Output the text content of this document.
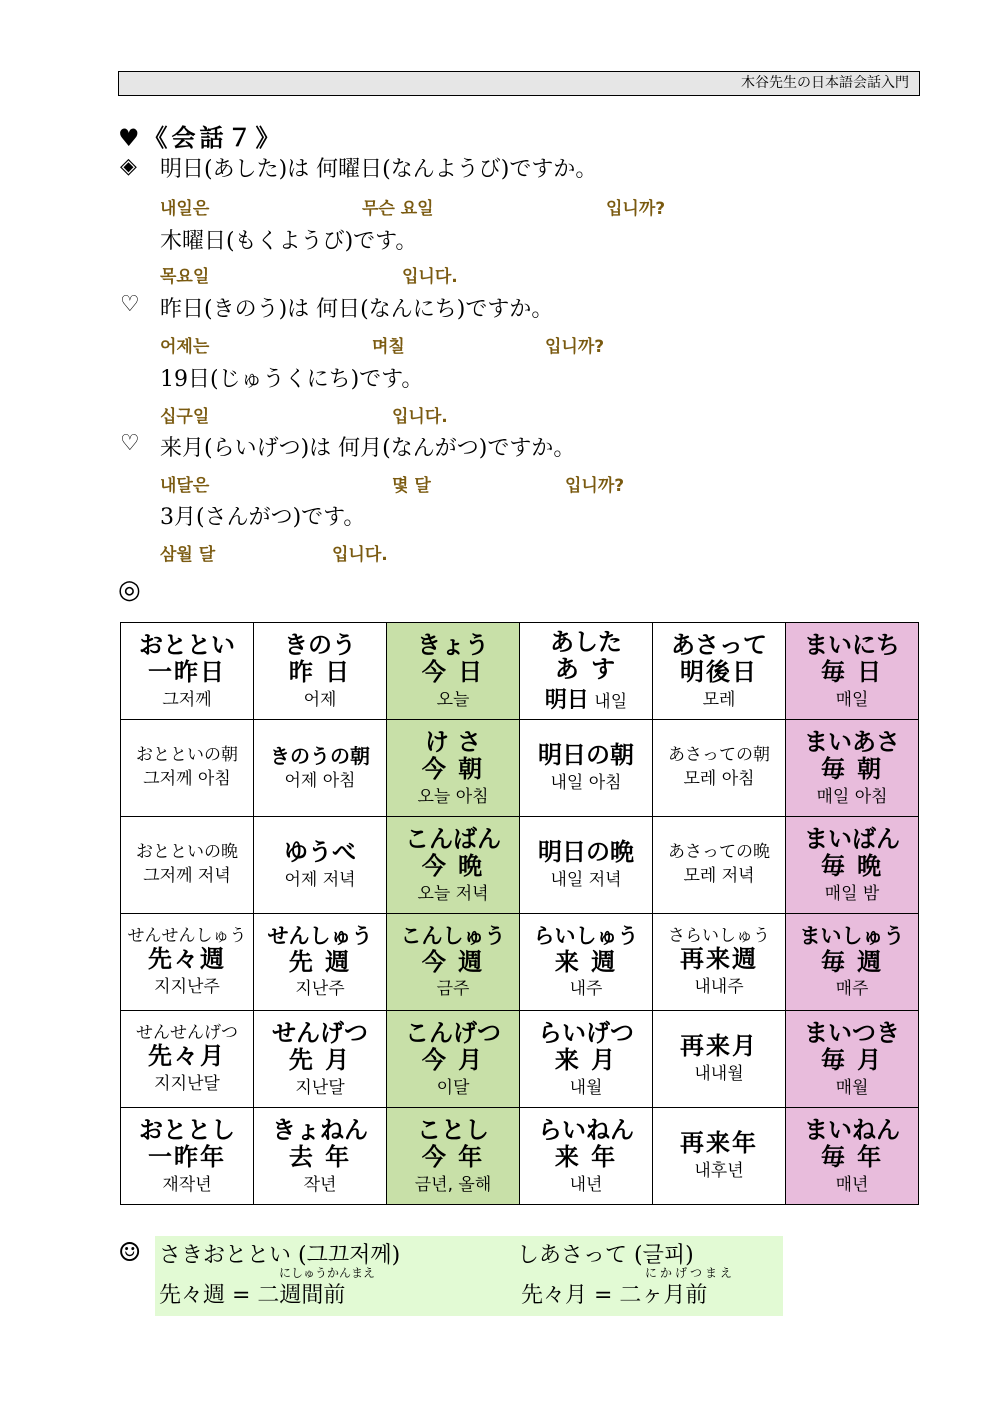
木谷先生の日本語会話入門
♥《会話７》
◈ 明日(あした)は 何曜日(なんようび)ですか。
내일은	무슨 요일	입니까?
木曜日(もくようび)です。
목요일	입니다.
♡ 昨日(きのう)は 何日(なんにち)ですか。
어제는	며칠	입니까?
19日(じゅうくにち)です。
십구일	입니다.
♡ 来月(らいげつ)は 何月(なんがつ)ですか。
내달은	몇 달	입니까?
3月(さんがつ)です。
삼월 달	입니다.
◎
おととい
一昨日
그저께	きのう
昨 日
어제	きょう
今 日
오늘	あした
あ す
明日 내일	あさって
明後日
모레	まいにち
毎 日
매일

おとといの朝
그저께 아침	きのうの朝
어제 아침	け さ
今 朝
오늘 아침	明日の朝
내일 아침	あさっての朝
모레 아침	まいあさ
毎 朝
매일 아침

おとといの晩
그저께 저녁	ゆうべ
어제 저녁	こんばん
今 晩
오늘 저녁	明日の晩
내일 저녁	あさっての晩
모레 저녁	まいばん
毎 晩
매일 밤

せんせんしゅう
先々週
지지난주	せんしゅう
先 週
지난주	こんしゅう
今 週
금주	らいしゅう
来 週
내주	さらいしゅう
再来週
내내주	まいしゅう
毎 週
매주

せんせんげつ
先々月
지지난달	せんげつ
先 月
지난달	こんげつ
今 月
이달	らいげつ
来 月
내월	再来月
내내월	まいつき
毎 月
매월

おととし
一昨年
재작년	きょねん
去 年
작년	ことし
今 年
금년, 올해	らいねん
来 年
내년	再来年
내후년	まいねん
毎 年
매년
☺ さきおととい (그끄저께)	しあさって (글피)
にしゅうかんまえ
先々週 = 二週間前
にかげつまえ
先々月 = 二ヶ月前
